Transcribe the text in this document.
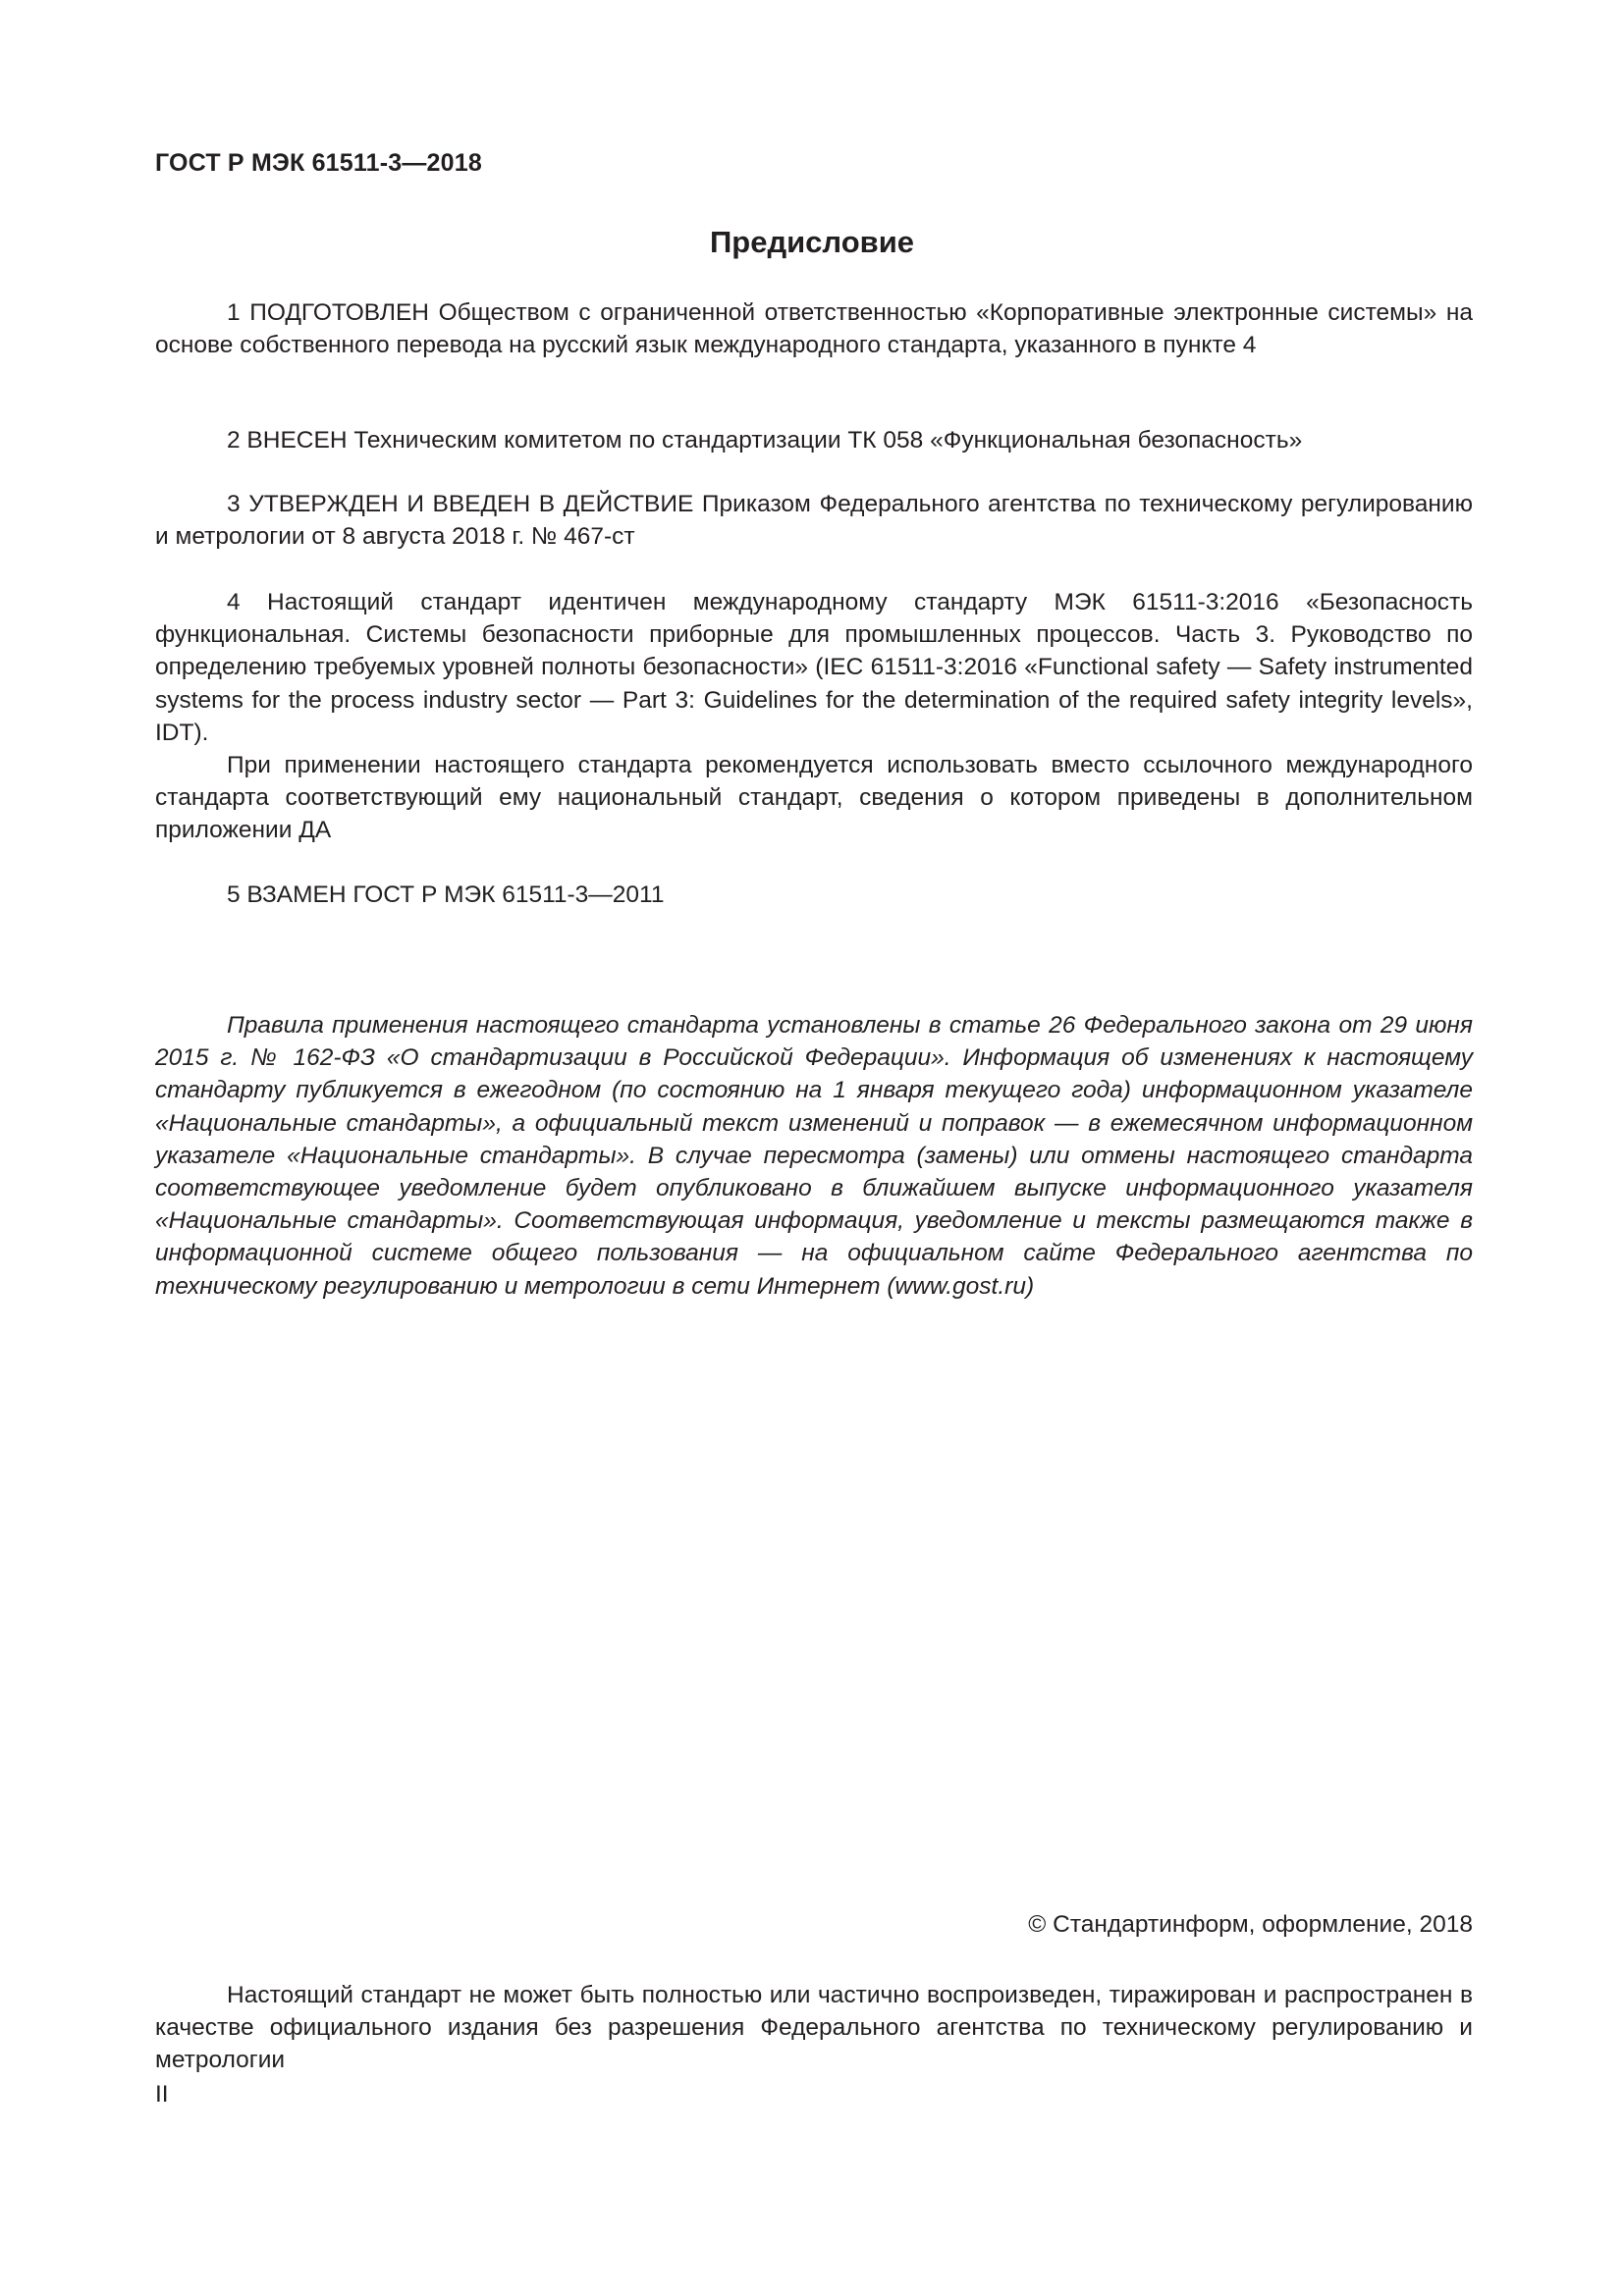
ГОСТ Р МЭК 61511-3—2018
Предисловие

1 ПОДГОТОВЛЕН Обществом с ограниченной ответственностью «Корпоративные электронные системы» на основе собственного перевода на русский язык международного стандарта, указанного в пункте 4

2 ВНЕСЕН Техническим комитетом по стандартизации ТК 058 «Функциональная безопасность»

3 УТВЕРЖДЕН И ВВЕДЕН В ДЕЙСТВИЕ Приказом Федерального агентства по техническому регулированию и метрологии от 8 августа 2018 г. № 467-ст

4 Настоящий стандарт идентичен международному стандарту МЭК 61511-3:2016 «Безопасность функциональная. Системы безопасности приборные для промышленных процессов. Часть 3. Руководство по определению требуемых уровней полноты безопасности» (IEC 61511-3:2016 «Functional safety — Safety instrumented systems for the process industry sector — Part 3: Guidelines for the determination of the required safety integrity levels», IDT).

При применении настоящего стандарта рекомендуется использовать вместо ссылочного международного стандарта соответствующий ему национальный стандарт, сведения о котором приведены в дополнительном приложении ДА

5 ВЗАМЕН ГОСТ Р МЭК 61511-3—2011

Правила применения настоящего стандарта установлены в статье 26 Федерального закона от 29 июня 2015 г. № 162-ФЗ «О стандартизации в Российской Федерации». Информация об изменениях к настоящему стандарту публикуется в ежегодном (по состоянию на 1 января текущего года) информационном указателе «Национальные стандарты», а официальный текст изменений и поправок — в ежемесячном информационном указателе «Национальные стандарты». В случае пересмотра (замены) или отмены настоящего стандарта соответствующее уведомление будет опубликовано в ближайшем выпуске информационного указателя «Национальные стандарты». Соответствующая информация, уведомление и тексты размещаются также в информационной системе общего пользования — на официальном сайте Федерального агентства по техническому регулированию и метрологии в сети Интернет (www.gost.ru)

© Стандартинформ, оформление, 2018

Настоящий стандарт не может быть полностью или частично воспроизведен, тиражирован и распространен в качестве официального издания без разрешения Федерального агентства по техническому регулированию и метрологии

II
